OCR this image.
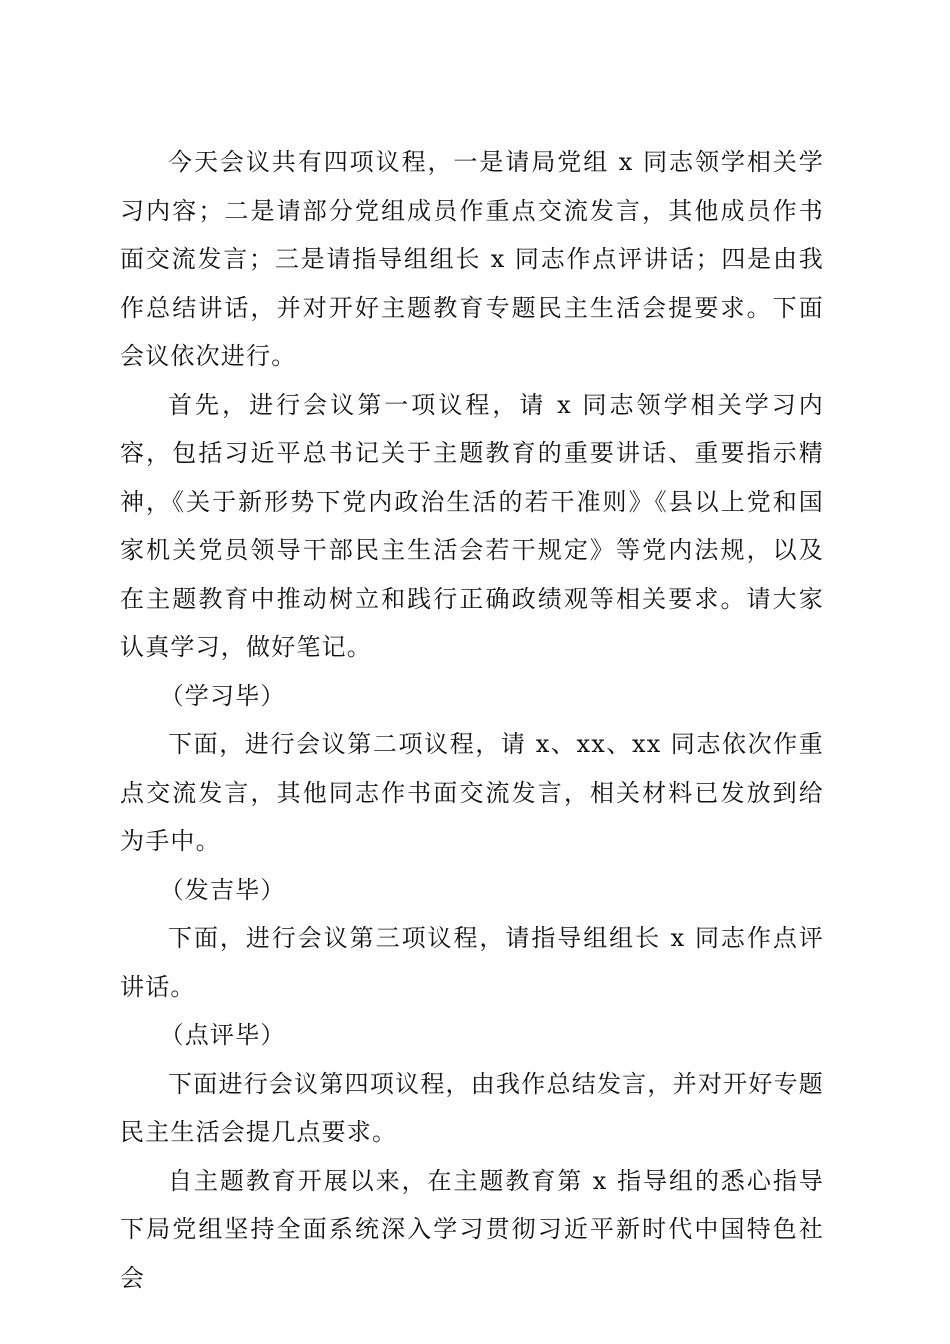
今天会议共有四项议程，一是请局党组 x 同志领学相关学习内容；二是请部分党组成员作重点交流发言，其他成员作书面交流发言；三是请指导组组长 x 同志作点评讲话；四是由我作总结讲话，并对开好主题教育专题民主生活会提要求。下面会议依次进行。

首先，进行会议第一项议程，请 x 同志领学相关学习内容，包括习近平总书记关于主题教育的重要讲话、重要指示精神，《关于新形势下党内政治生活的若干准则》《县以上党和国家机关党员领导干部民主生活会若干规定》等党内法规，以及在主题教育中推动树立和践行正确政绩观等相关要求。请大家认真学习，做好笔记。

（学习毕）

下面，进行会议第二项议程，请 x、xx、xx 同志依次作重点交流发言，其他同志作书面交流发言，相关材料已发放到给为手中。

（发吉毕）

下面，进行会议第三项议程，请指导组组长 x 同志作点评讲话。

（点评毕）

下面进行会议第四项议程，由我作总结发言，并对开好专题民主生活会提几点要求。

自主题教育开展以来，在主题教育第 x 指导组的悉心指导下局党组坚持全面系统深入学习贯彻习近平新时代中国特色社会
